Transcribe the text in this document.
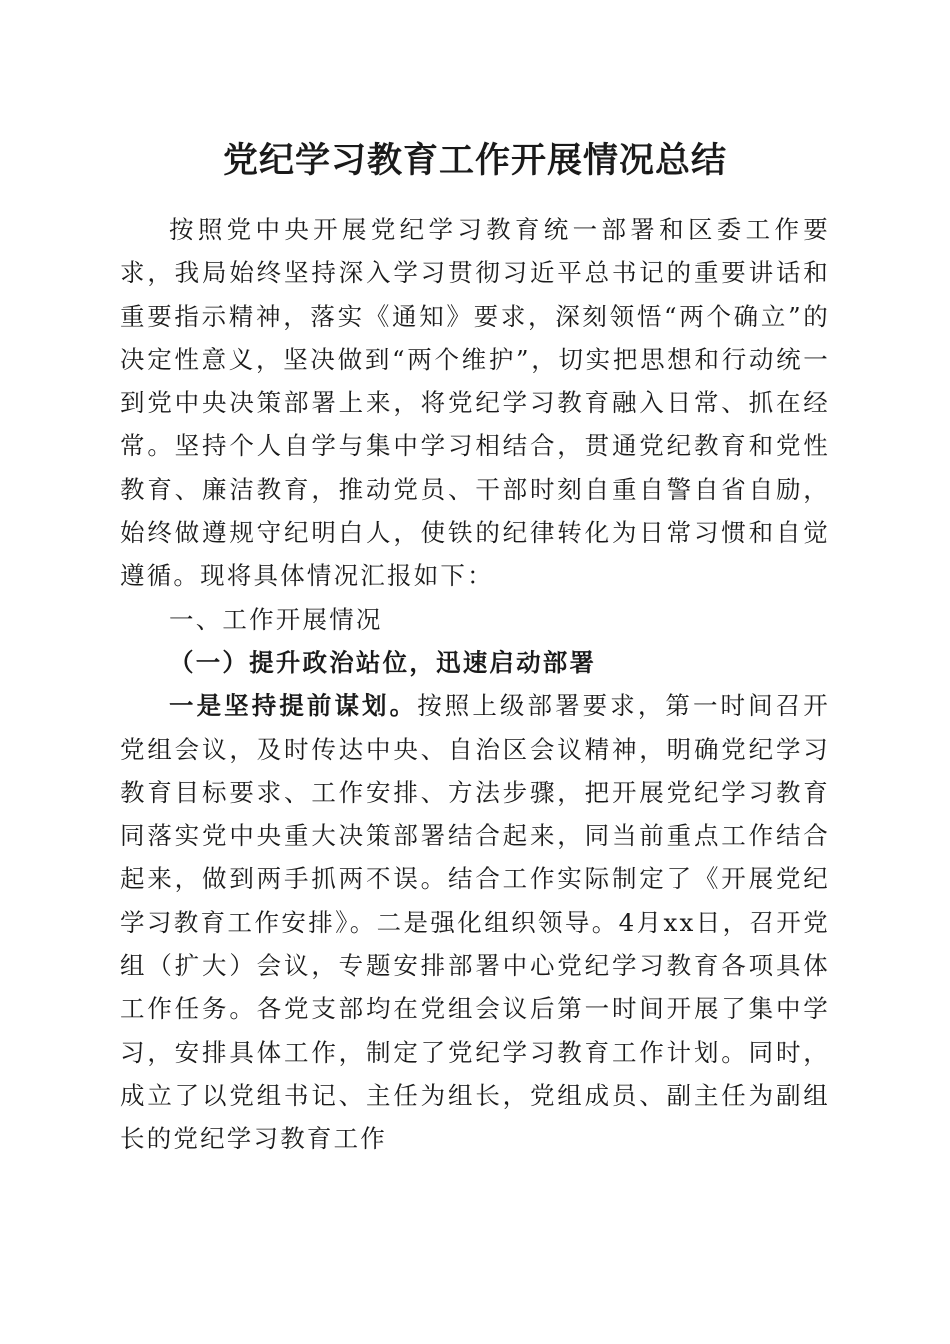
党纪学习教育工作开展情况总结

按照党中央开展党纪学习教育统一部署和区委工作要求，我局始终坚持深入学习贯彻习近平总书记的重要讲话和重要指示精神，落实《通知》要求，深刻领悟“两个确立”的决定性意义，坚决做到“两个维护”，切实把思想和行动统一到党中央决策部署上来，将党纪学习教育融入日常、抓在经常。坚持个人自学与集中学习相结合，贯通党纪教育和党性教育、廉洁教育，推动党员、干部时刻自重自警自省自励，始终做遵规守纪明白人，使铁的纪律转化为日常习惯和自觉遵循。现将具体情况汇报如下：

一、工作开展情况

（一）提升政治站位，迅速启动部署

一是坚持提前谋划。按照上级部署要求，第一时间召开党组会议，及时传达中央、自治区会议精神，明确党纪学习教育目标要求、工作安排、方法步骤，把开展党纪学习教育同落实党中央重大决策部署结合起来，同当前重点工作结合起来，做到两手抓两不误。结合工作实际制定了《开展党纪学习教育工作安排》。二是强化组织领导。4月xx日，召开党组（扩大）会议，专题安排部署中心党纪学习教育各项具体工作任务。各党支部均在党组会议后第一时间开展了集中学习，安排具体工作，制定了党纪学习教育工作计划。同时，成立了以党组书记、主任为组长，党组成员、副主任为副组长的党纪学习教育工作
